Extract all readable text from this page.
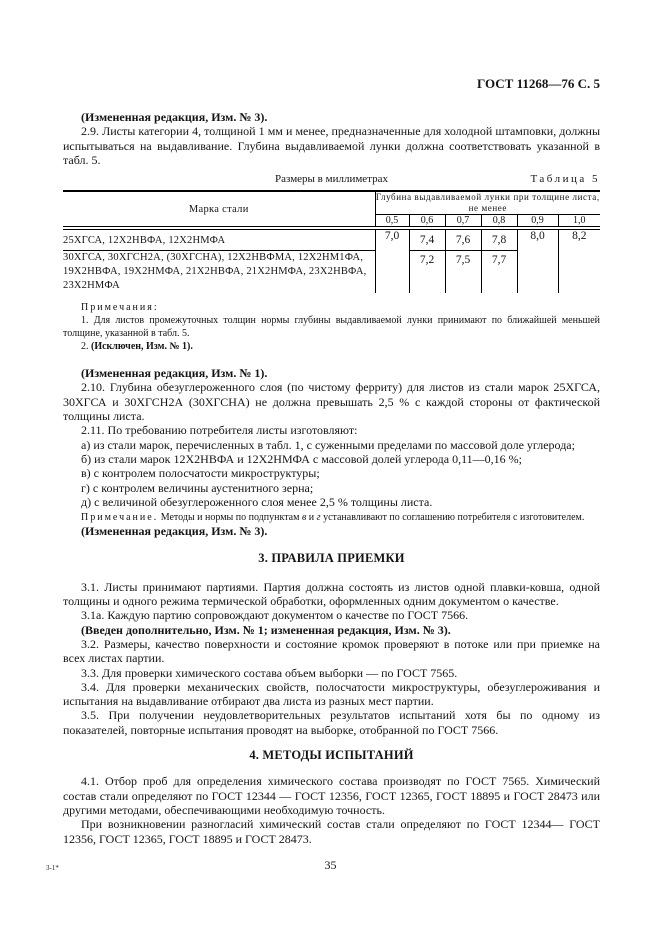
ГОСТ 11268—76 С. 5

(Измененная редакция, Изм. № 3).

2.9. Листы категории 4, толщиной 1 мм и менее, предназначенные для холодной штамповки, должны испытываться на выдавливание. Глубина выдавливаемой лунки должна соответствовать указанной в табл. 5.

Размеры в миллиметрах	Таблица 5
Марка стали	Глубина выдавливаемой лунки при толщине листа, не менее					
	0,5	0,6	0,7	0,8	0,9	1,0
25ХГСА, 12Х2НВФА, 12Х2НМФА	7,0	7,4	7,6	7,8	8,0	8,2
30ХГСА, 30ХГСН2А, (30ХГСНА), 12Х2НВФМА, 12Х2НМ1ФА, 19Х2НВФА, 19Х2НМФА, 21Х2НВФА, 21Х2НМФА, 23Х2НВФА, 23Х2НМФА		7,2	7,5	7,7		

Примечания:

1. Для листов промежуточных толщин нормы глубины выдавливаемой лунки принимают по ближайшей меньшей толщине, указанной в табл. 5.

2. (Исключен, Изм. № 1).

(Измененная редакция, Изм. № 1).

2.10. Глубина обезуглероженного слоя (по чистому ферриту) для листов из стали марок 25ХГСА, 30ХГСА и 30ХГСН2А (30ХГСНА) не должна превышать 2,5 % с каждой стороны от фактической толщины листа.

2.11. По требованию потребителя листы изготовляют:

а) из стали марок, перечисленных в табл. 1, с суженными пределами по массовой доле углерода;

б) из стали марок 12Х2НВФА и 12Х2НМФА с массовой долей углерода 0,11—0,16 %;

в) с контролем полосчатости микроструктуры;

г) с контролем величины аустенитного зерна;

д) с величиной обезуглероженного слоя менее 2,5 % толщины листа.

Примечание. Методы и нормы по подпунктам в и г устанавливают по соглашению потребителя с изготовителем.

(Измененная редакция, Изм. № 3).

3. ПРАВИЛА ПРИЕМКИ

3.1. Листы принимают партиями. Партия должна состоять из листов одной плавки-ковша, одной толщины и одного режима термической обработки, оформленных одним документом о качестве.

3.1а. Каждую партию сопровождают документом о качестве по ГОСТ 7566.

(Введен дополнительно, Изм. № 1; измененная редакция, Изм. № 3).

3.2. Размеры, качество поверхности и состояние кромок проверяют в потоке или при приемке на всех листах партии.

3.3. Для проверки химического состава объем выборки — по ГОСТ 7565.

3.4. Для проверки механических свойств, полосчатости микроструктуры, обезуглероживания и испытания на выдавливание отбирают два листа из разных мест партии.

3.5. При получении неудовлетворительных результатов испытаний хотя бы по одному из показателей, повторные испытания проводят на выборке, отобранной по ГОСТ 7566.

4. МЕТОДЫ ИСПЫТАНИЙ

4.1. Отбор проб для определения химического состава производят по ГОСТ 7565. Химический состав стали определяют по ГОСТ 12344 — ГОСТ 12356, ГОСТ 12365, ГОСТ 18895 и ГОСТ 28473 или другими методами, обеспечивающими необходимую точность.

При возникновении разногласий химический состав стали определяют по ГОСТ 12344— ГОСТ 12356, ГОСТ 12365, ГОСТ 18895 и ГОСТ 28473.

3-1*	35
